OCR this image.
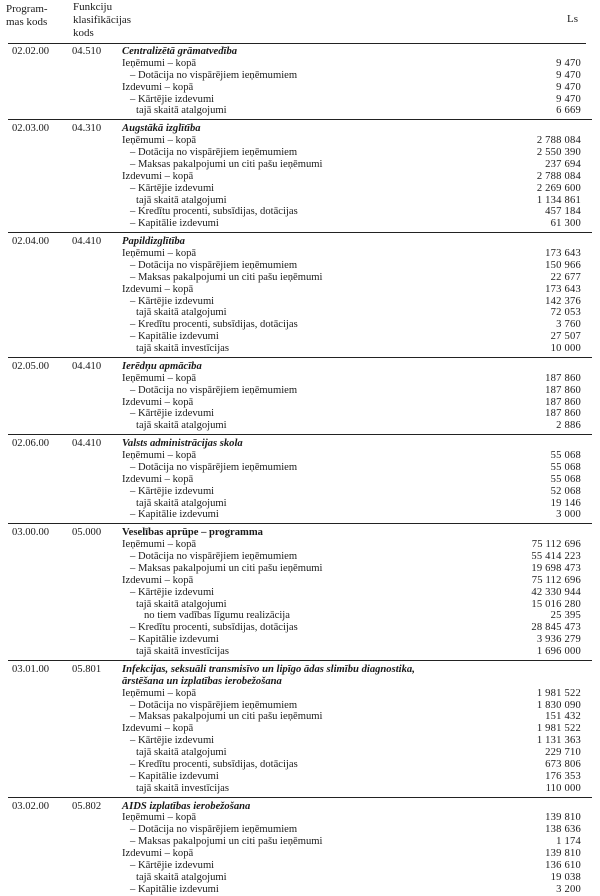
Program-
mas kods
Funkciju
klasifikācijas
kods
Ls
02.02.00 04.510 Centralizētā grāmatvedība
Ieņēmumi – kopā	9 470
– Dotācija no vispārējiem ieņēmumiem	9 470
Izdevumi – kopā	9 470
– Kārtējie izdevumi	9 470
tajā skaitā atalgojumi	6 669
02.03.00 04.310 Augstākā izglītība
Ieņēmumi – kopā	2 788 084
– Dotācija no vispārējiem ieņēmumiem	2 550 390
– Maksas pakalpojumi un citi pašu ieņēmumi	237 694
Izdevumi – kopā	2 788 084
– Kārtējie izdevumi	2 269 600
tajā skaitā atalgojumi	1 134 861
– Kredītu procenti, subsīdijas, dotācijas	457 184
– Kapitālie izdevumi	61 300
02.04.00 04.410 Papildizglītība
Ieņēmumi – kopā	173 643
– Dotācija no vispārējiem ieņēmumiem	150 966
– Maksas pakalpojumi un citi pašu ieņēmumi	22 677
Izdevumi – kopā	173 643
– Kārtējie izdevumi	142 376
tajā skaitā atalgojumi	72 053
– Kredītu procenti, subsīdijas, dotācijas	3 760
– Kapitālie izdevumi	27 507
tajā skaitā investīcijas	10 000
02.05.00 04.410 Ierēdņu apmācība
Ieņēmumi – kopā	187 860
– Dotācija no vispārējiem ieņēmumiem	187 860
Izdevumi – kopā	187 860
– Kārtējie izdevumi	187 860
tajā skaitā atalgojumi	2 886
02.06.00 04.410 Valsts administrācijas skola
Ieņēmumi – kopā	55 068
– Dotācija no vispārējiem ieņēmumiem	55 068
Izdevumi – kopā	55 068
– Kārtējie izdevumi	52 068
tajā skaitā atalgojumi	19 146
– Kapitālie izdevumi	3 000
03.00.00 05.000 Veselības aprūpe – programma
Ieņēmumi – kopā	75 112 696
– Dotācija no vispārējiem ieņēmumiem	55 414 223
– Maksas pakalpojumi un citi pašu ieņēmumi	19 698 473
Izdevumi – kopā	75 112 696
– Kārtējie izdevumi	42 330 944
tajā skaitā atalgojumi	15 016 280
no tiem vadības līgumu realizācija	25 395
– Kredītu procenti, subsīdijas, dotācijas	28 845 473
– Kapitālie izdevumi	3 936 279
tajā skaitā investīcijas	1 696 000
03.01.00 05.801 Infekcijas, seksuāli transmisīvo un lipīgo ādas slimību diagnostika, ārstēšana un izplatības ierobežošana
Ieņēmumi – kopā	1 981 522
– Dotācija no vispārējiem ieņēmumiem	1 830 090
– Maksas pakalpojumi un citi pašu ieņēmumi	151 432
Izdevumi – kopā	1 981 522
– Kārtējie izdevumi	1 131 363
tajā skaitā atalgojumi	229 710
– Kredītu procenti, subsīdijas, dotācijas	673 806
– Kapitālie izdevumi	176 353
tajā skaitā investīcijas	110 000
03.02.00 05.802 AIDS izplatības ierobežošana
Ieņēmumi – kopā	139 810
– Dotācija no vispārējiem ieņēmumiem	138 636
– Maksas pakalpojumi un citi pašu ieņēmumi	1 174
Izdevumi – kopā	139 810
– Kārtējie izdevumi	136 610
tajā skaitā atalgojumi	19 038
– Kapitālie izdevumi	3 200
